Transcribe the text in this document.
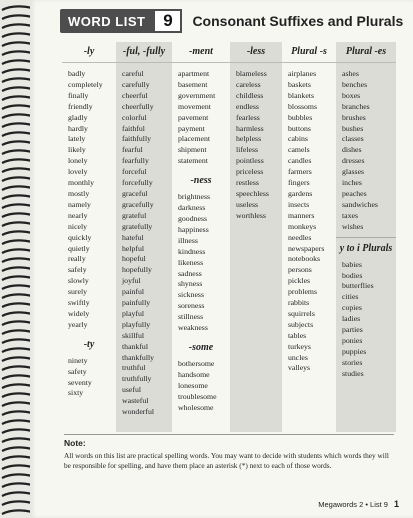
WORD LIST	9	Consonant Suffixes and Plurals
-ly
badly
completely
finally
friendly
gladly
hardly
lately
likely
lonely
lovely
monthly
mostly
namely
nearly
nicely
quickly
quietly
really
safely
slowly
surely
swiftly
widely
yearly
-ty
ninety
safety
seventy
sixty
-ful, -fully
careful
carefully
cheerful
cheerfully
colorful
faithful
faithfully
fearful
fearfully
forceful
forcefully
graceful
gracefully
grateful
gratefully
hateful
helpful
hopeful
hopefully
joyful
painful
painfully
playful
playfully
skillful
thankful
thankfully
truthful
truthfully
useful
wasteful
wonderful
-ment
apartment
basement
government
movement
pavement
payment
placement
shipment
statement
-ness
brightness
darkness
goodness
happiness
illness
kindness
likeness
sadness
shyness
sickness
soreness
stillness
weakness
-some
bothersome
handsome
lonesome
troublesome
wholesome
-less
blameless
careless
childless
endless
fearless
harmless
helpless
lifeless
pointless
priceless
restless
speechless
useless
worthless
Plural -s
airplanes
baskets
blankets
blossoms
bubbles
buttons
cabins
camels
candles
farmers
fingers
gardens
insects
manners
monkeys
needles
newspapers
notebooks
persons
pickles
problems
rabbits
squirrels
subjects
tables
turkeys
uncles
valleys
Plural -es
ashes
benches
boxes
branches
brushes
bushes
classes
dishes
dresses
glasses
inches
peaches
sandwiches
taxes
wishes
y to i Plurals
babies
bodies
butterflies
cities
copies
ladies
parties
ponies
puppies
stories
studies
Note:
All words on this list are practical spelling words. You may want to decide with students which words they will be responsible for spelling, and have them place an asterisk (*) next to each of those words.
Megawords 2 • List 9 1
